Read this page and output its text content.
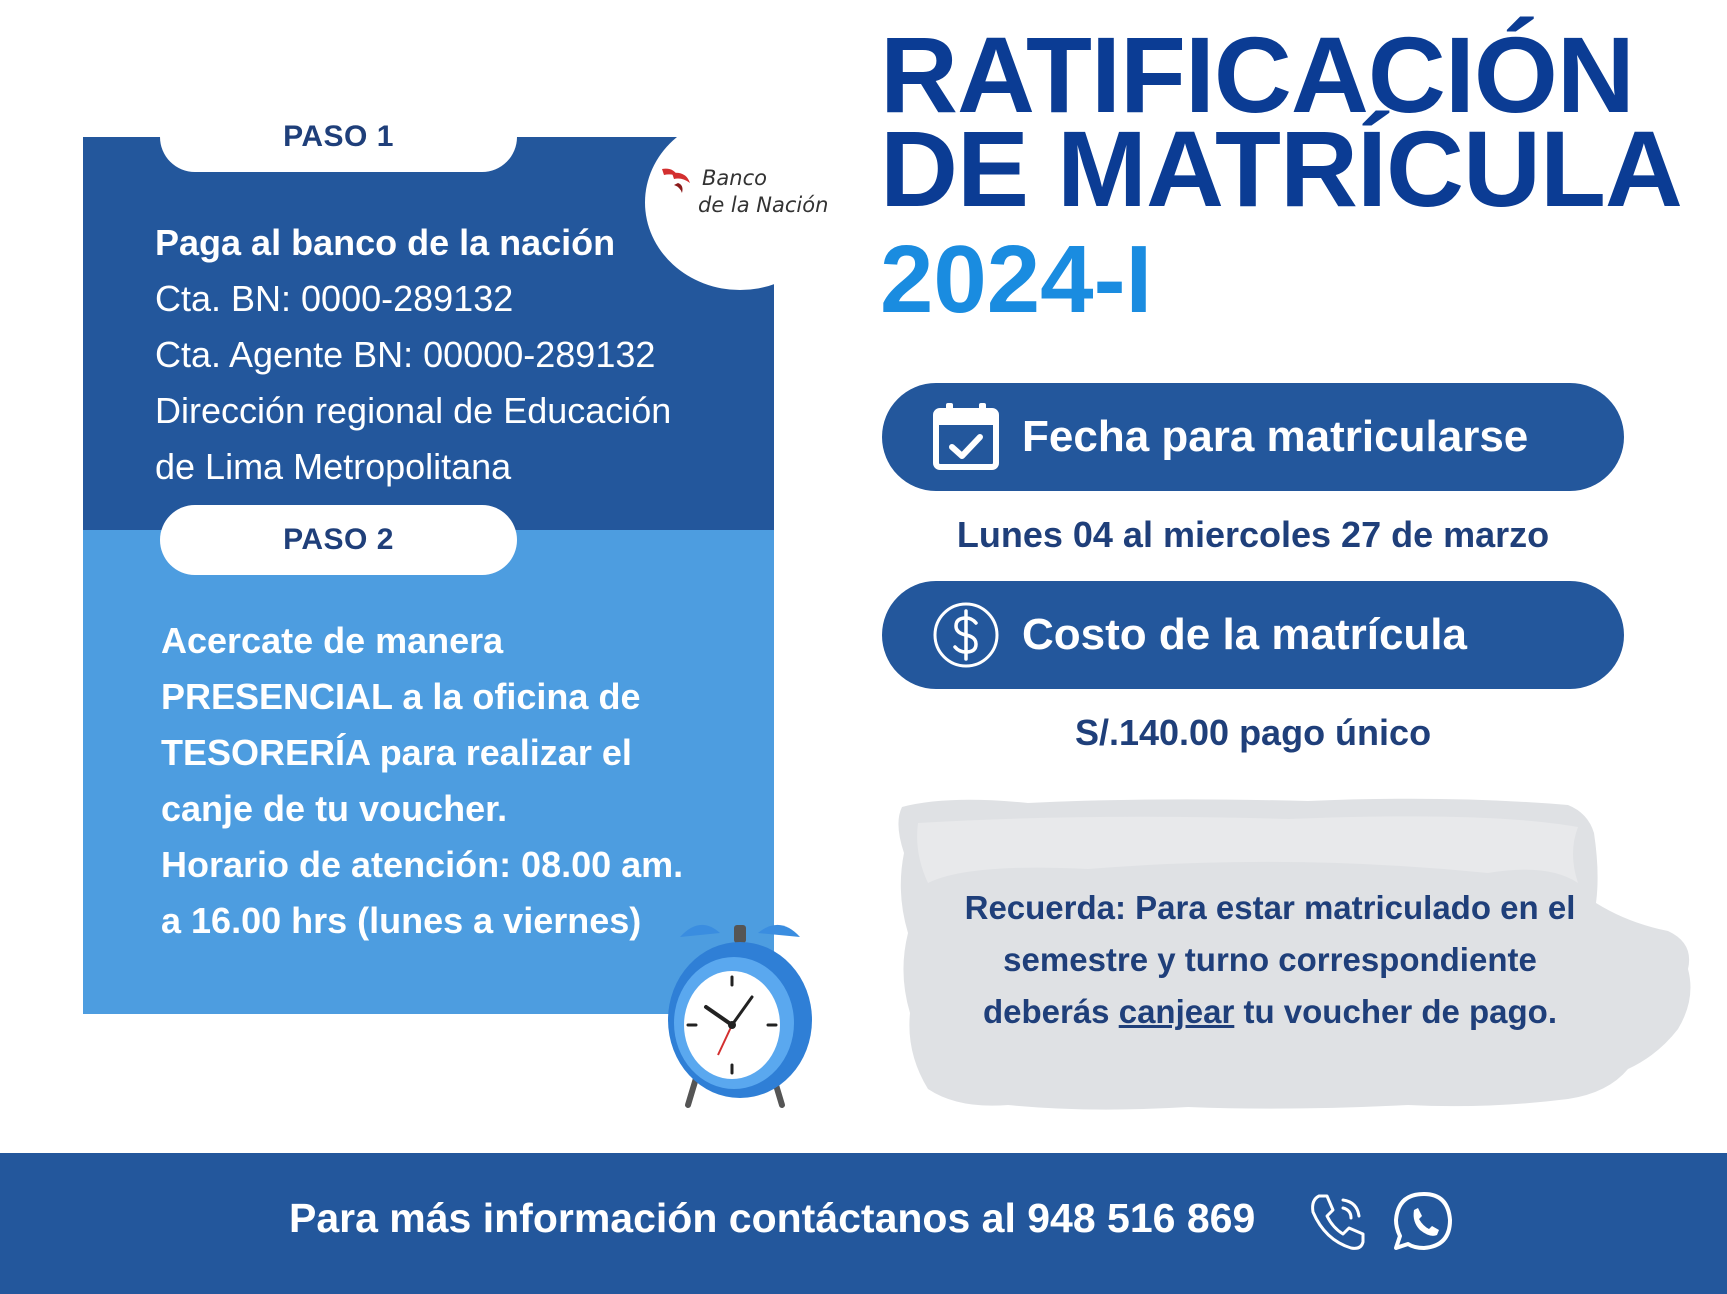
Banco
de la Nación
PASO 1
PASO 2
Paga al banco de la nación
Cta. BN: 0000-289132
Cta. Agente BN: 00000-289132
Dirección regional de Educación
de Lima Metropolitana
Acercate de manera
PRESENCIAL a la oficina de
TESORERÍA para realizar el
canje de tu voucher.
Horario de atención: 08.00 am.
a 16.00 hrs (lunes a viernes)
RATIFICACIÓN
DE MATRÍCULA
2024-I
Fecha para matricularse
Lunes 04 al miercoles 27 de marzo
Costo de la matrícula
S/.140.00 pago único
Recuerda: Para estar matriculado en el
semestre y turno correspondiente
deberás canjear tu voucher de pago.
Para más información contáctanos al 948 516 869
